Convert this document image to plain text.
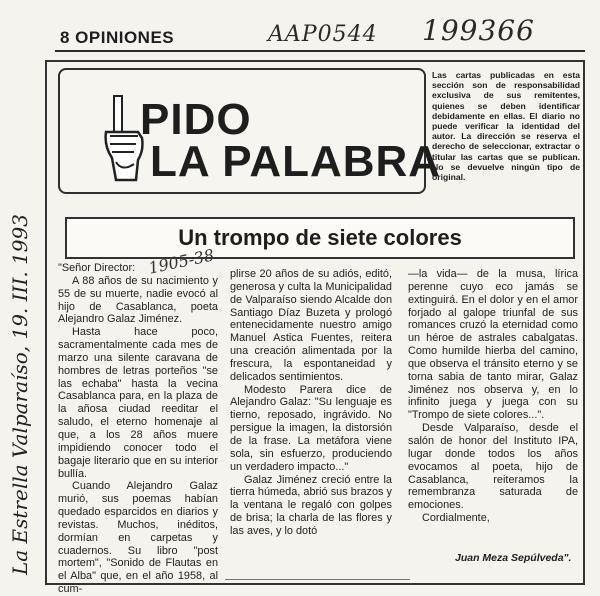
8 OPINIONES	AAP0544 199366
PIDO
LA PALABRA
Las cartas publicadas en esta sección son de responsabilidad exclusiva de sus remitentes, quienes se deben identificar debidamente en ellas. El diario no puede verificar la identidad del autor. La dirección se reserva el derecho de seleccionar, extractar o titular las cartas que se publican. No se devuelve ningún tipo de original.
Un trompo de siete colores
1905-38

"Señor Director:

A 88 años de su nacimiento y 55 de su muerte, nadie evocó al hijo de Casablanca, poeta Alejandro Galaz Jiménez.

Hasta hace poco, sacramentalmente cada mes de marzo una silente caravana de hombres de letras porteños "se las echaba" hasta la vecina Casablanca para, en la plaza de la añosa ciudad reeditar el saludo, el eterno homenaje al que, a los 28 años muere impidiendo conocer todo el bagaje literario que en su interior bullía.

Cuando Alejandro Galaz murió, sus poemas habían quedado esparcidos en diarios y revistas. Muchos, inéditos, dormían en carpetas y cuadernos. Su libro "post mortem", "Sonido de Flautas en el Alba" que, en el año 1958, al cum-

plirse 20 años de su adiós, editó, generosa y culta la Municipalidad de Valparaíso siendo Alcalde don Santiago Díaz Buzeta y prologó entenecidamente nuestro amigo Manuel Astica Fuentes, reitera una creación alimentada por la frescura, la espontaneidad y delicados sentimientos.

Modesto Parera dice de Alejandro Galaz: "Su lenguaje es tierno, reposado, ingrávido. No persigue la imagen, la distorsión de la frase. La metáfora viene sola, sin esfuerzo, produciendo un verdadero impacto..."

Galaz Jiménez creció entre la tierra húmeda, abrió sus brazos y la ventana le regaló con golpes de brisa; la charla de las flores y las aves, y lo dotó

—la vida— de la musa, lírica perenne cuyo eco jamás se extinguirá. En el dolor y en el amor forjado al galope triunfal de sus romances cruzó la eternidad como un héroe de astrales cabalgatas. Como humilde hierba del camino, que observa el tránsito eterno y se torna sabia de tanto mirar, Galaz Jiménez nos observa y, en lo infinito juega y juega con su "Trompo de siete colores...".

Desde Valparaíso, desde el salón de honor del Instituto IPA, lugar donde todos los años evocamos al poeta, hijo de Casablanca, reiteramos la remembranza saturada de emociones.

Cordialmente,

Juan Meza Sepúlveda".
La Estrella Valparaíso, 19. III. 1993
